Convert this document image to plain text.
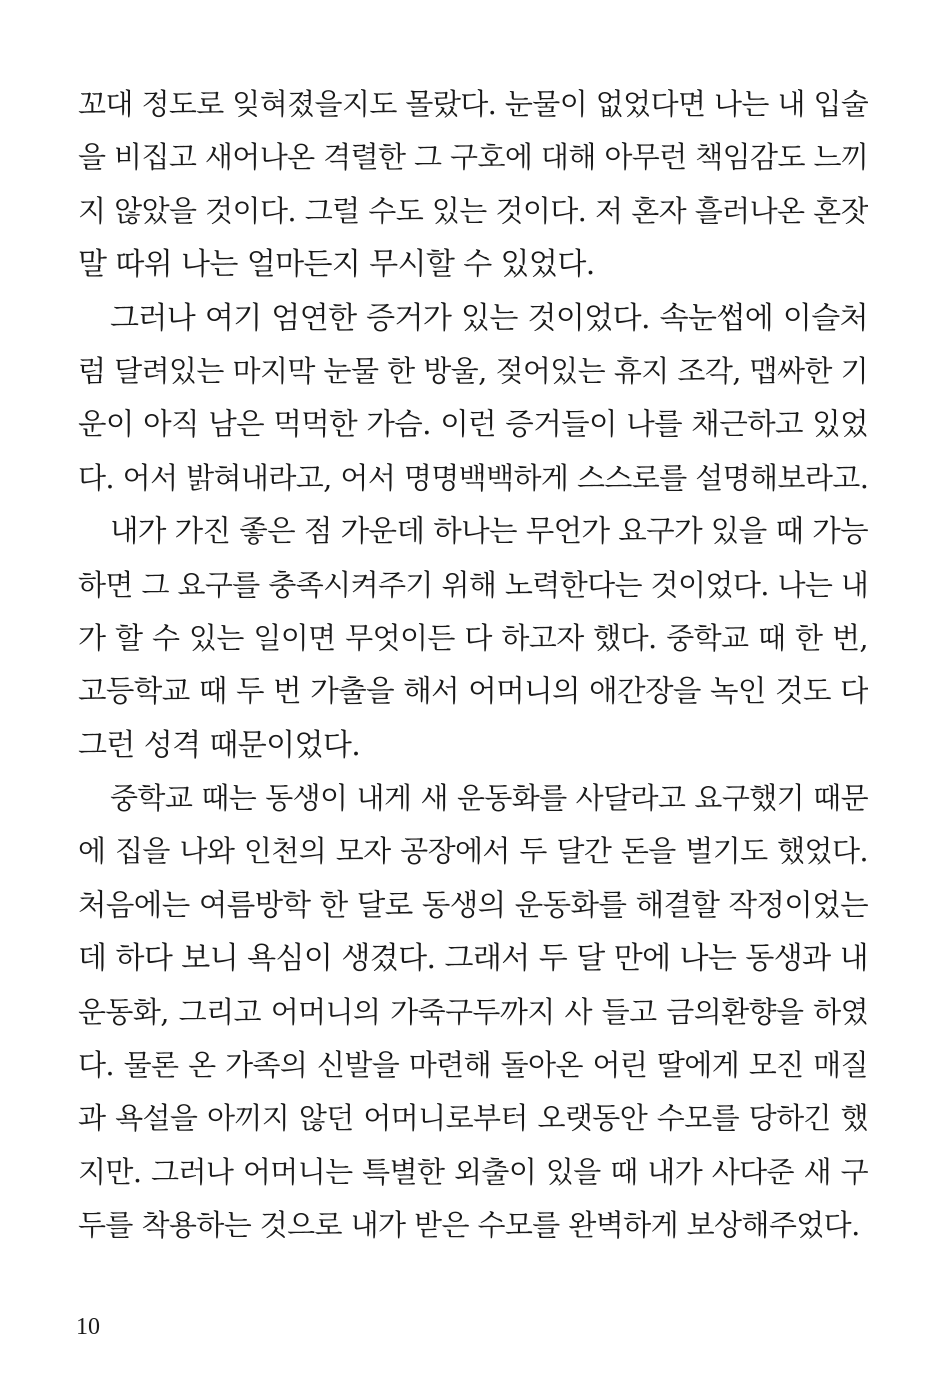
꼬대 정도로 잊혀졌을지도 몰랐다. 눈물이 없었다면 나는 내 입술
을 비집고 새어나온 격렬한 그 구호에 대해 아무런 책임감도 느끼
지 않았을 것이다. 그럴 수도 있는 것이다. 저 혼자 흘러나온 혼잣
말 따위 나는 얼마든지 무시할 수 있었다.
그러나 여기 엄연한 증거가 있는 것이었다. 속눈썹에 이슬처
럼 달려있는 마지막 눈물 한 방울, 젖어있는 휴지 조각, 맵싸한 기
운이 아직 남은 먹먹한 가슴. 이런 증거들이 나를 채근하고 있었
다. 어서 밝혀내라고, 어서 명명백백하게 스스로를 설명해보라고.
내가 가진 좋은 점 가운데 하나는 무언가 요구가 있을 때 가능
하면 그 요구를 충족시켜주기 위해 노력한다는 것이었다. 나는 내
가 할 수 있는 일이면 무엇이든 다 하고자 했다. 중학교 때 한 번,
고등학교 때 두 번 가출을 해서 어머니의 애간장을 녹인 것도 다
그런 성격 때문이었다.
중학교 때는 동생이 내게 새 운동화를 사달라고 요구했기 때문
에 집을 나와 인천의 모자 공장에서 두 달간 돈을 벌기도 했었다.
처음에는 여름방학 한 달로 동생의 운동화를 해결할 작정이었는
데 하다 보니 욕심이 생겼다. 그래서 두 달 만에 나는 동생과 내
운동화, 그리고 어머니의 가죽구두까지 사 들고 금의환향을 하였
다. 물론 온 가족의 신발을 마련해 돌아온 어린 딸에게 모진 매질
과 욕설을 아끼지 않던 어머니로부터 오랫동안 수모를 당하긴 했
지만. 그러나 어머니는 특별한 외출이 있을 때 내가 사다준 새 구
두를 착용하는 것으로 내가 받은 수모를 완벽하게 보상해주었다.
10
